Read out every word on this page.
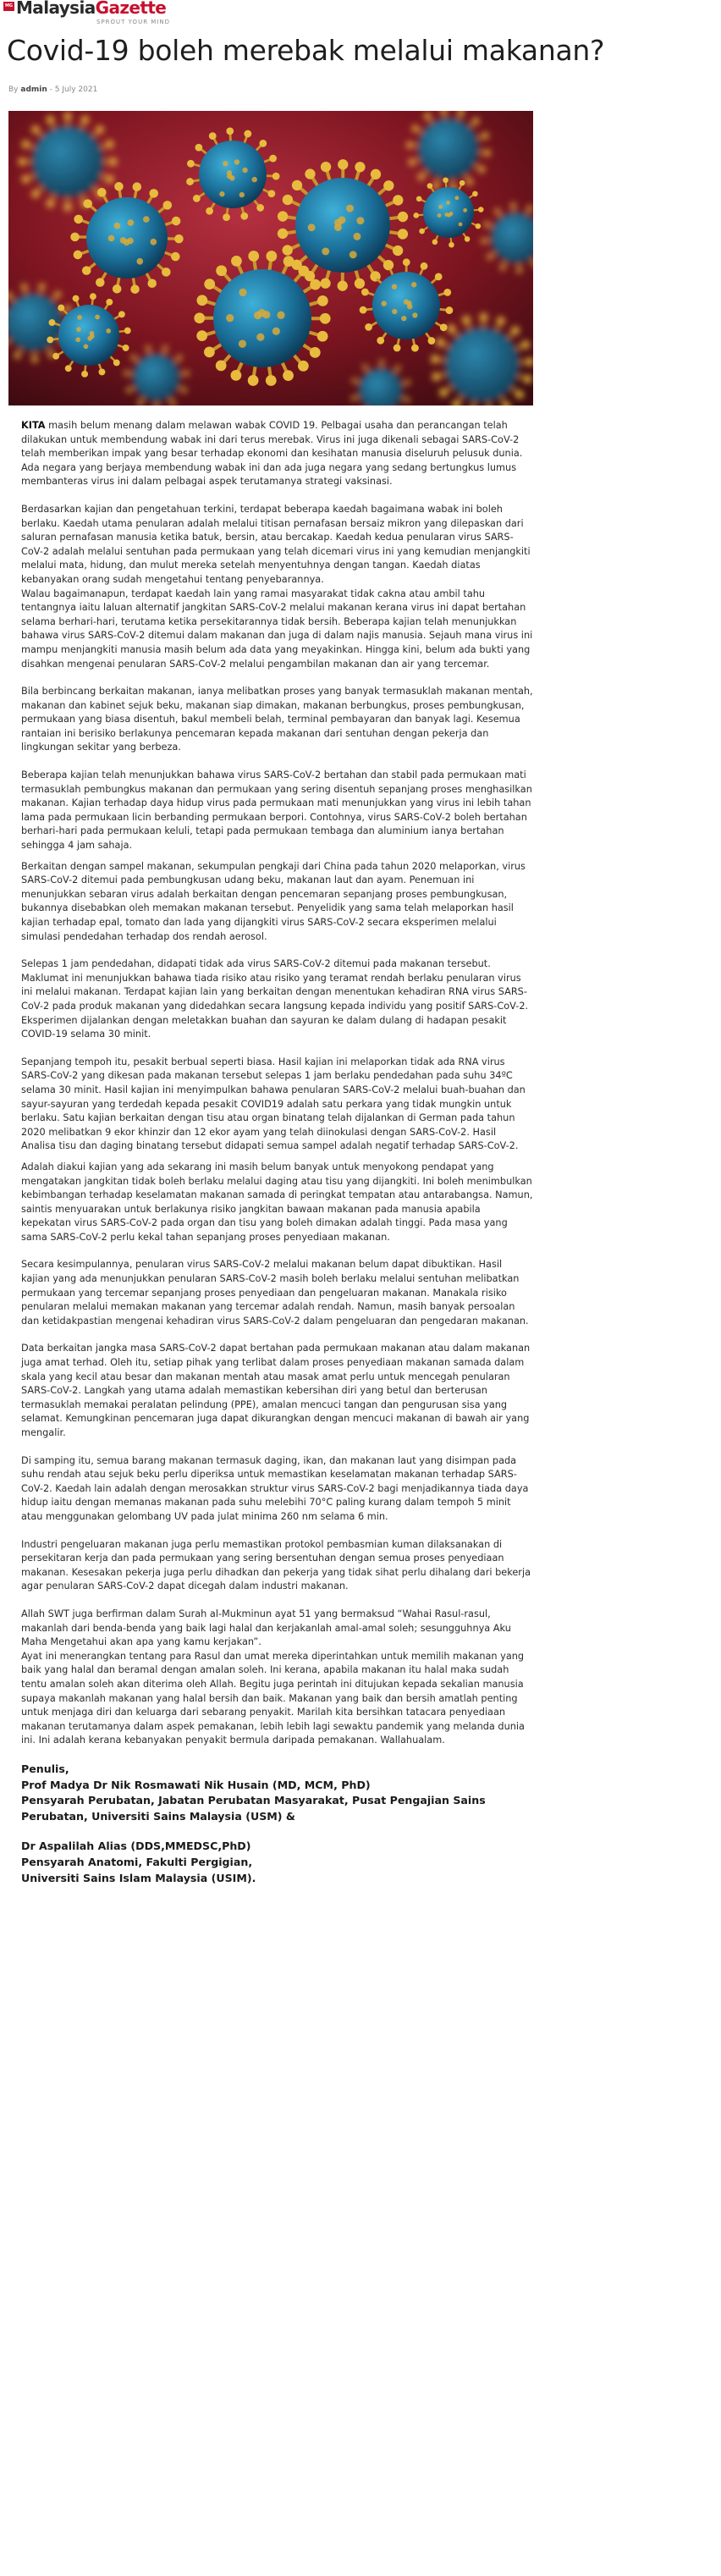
MG MalaysiaGazette
SPROUT YOUR MIND
Covid-19 boleh merebak melalui makanan?
By admin - 5 July 2021

KITA masih belum menang dalam melawan wabak COVID 19. Pelbagai usaha dan perancangan telah dilakukan untuk membendung wabak ini dari terus merebak. Virus ini juga dikenali sebagai SARS-CoV-2 telah memberikan impak yang besar terhadap ekonomi dan kesihatan manusia diseluruh pelusuk dunia. Ada negara yang berjaya membendung wabak ini dan ada juga negara yang sedang bertungkus lumus membanteras virus ini dalam pelbagai aspek terutamanya strategi vaksinasi.

Berdasarkan kajian dan pengetahuan terkini, terdapat beberapa kaedah bagaimana wabak ini boleh berlaku. Kaedah utama penularan adalah melalui titisan pernafasan bersaiz mikron yang dilepaskan dari saluran pernafasan manusia ketika batuk, bersin, atau bercakap. Kaedah kedua penularan virus SARS-CoV-2 adalah melalui sentuhan pada permukaan yang telah dicemari virus ini yang kemudian menjangkiti melalui mata, hidung, dan mulut mereka setelah menyentuhnya dengan tangan. Kaedah diatas kebanyakan orang sudah mengetahui tentang penyebarannya.

Walau bagaimanapun, terdapat kaedah lain yang ramai masyarakat tidak cakna atau ambil tahu tentangnya iaitu laluan alternatif jangkitan SARS-CoV-2 melalui makanan kerana virus ini dapat bertahan selama berhari-hari, terutama ketika persekitarannya tidak bersih. Beberapa kajian telah menunjukkan bahawa virus SARS-CoV-2 ditemui dalam makanan dan juga di dalam najis manusia. Sejauh mana virus ini mampu menjangkiti manusia masih belum ada data yang meyakinkan. Hingga kini, belum ada bukti yang disahkan mengenai penularan SARS-CoV-2 melalui pengambilan makanan dan air yang tercemar.

Bila berbincang berkaitan makanan, ianya melibatkan proses yang banyak termasuklah makanan mentah, makanan dan kabinet sejuk beku, makanan siap dimakan, makanan berbungkus, proses pembungkusan, permukaan yang biasa disentuh, bakul membeli belah, terminal pembayaran dan banyak lagi. Kesemua rantaian ini berisiko berlakunya pencemaran kepada makanan dari sentuhan dengan pekerja dan lingkungan sekitar yang berbeza.

Beberapa kajian telah menunjukkan bahawa virus SARS-CoV-2 bertahan dan stabil pada permukaan mati termasuklah pembungkus makanan dan permukaan yang sering disentuh sepanjang proses menghasilkan makanan. Kajian terhadap daya hidup virus pada permukaan mati menunjukkan yang virus ini lebih tahan lama pada permukaan licin berbanding permukaan berpori. Contohnya, virus SARS-CoV-2 boleh bertahan berhari-hari pada permukaan keluli, tetapi pada permukaan tembaga dan aluminium ianya bertahan sehingga 4 jam sahaja.

Berkaitan dengan sampel makanan, sekumpulan pengkaji dari China pada tahun 2020 melaporkan, virus SARS-CoV-2 ditemui pada pembungkusan udang beku, makanan laut dan ayam. Penemuan ini menunjukkan sebaran virus adalah berkaitan dengan pencemaran sepanjang proses pembungkusan, bukannya disebabkan oleh memakan makanan tersebut. Penyelidik yang sama telah melaporkan hasil kajian terhadap epal, tomato dan lada yang dijangkiti virus SARS-CoV-2 secara eksperimen melalui simulasi pendedahan terhadap dos rendah aerosol.

Selepas 1 jam pendedahan, didapati tidak ada virus SARS-CoV-2 ditemui pada makanan tersebut. Maklumat ini menunjukkan bahawa tiada risiko atau risiko yang teramat rendah berlaku penularan virus ini melalui makanan. Terdapat kajian lain yang berkaitan dengan menentukan kehadiran RNA virus SARS-CoV-2 pada produk makanan yang didedahkan secara langsung kepada individu yang positif SARS-CoV-2. Eksperimen dijalankan dengan meletakkan buahan dan sayuran ke dalam dulang di hadapan pesakit COVID-19 selama 30 minit.

Sepanjang tempoh itu, pesakit berbual seperti biasa. Hasil kajian ini melaporkan tidak ada RNA virus SARS-CoV-2 yang dikesan pada makanan tersebut selepas 1 jam berlaku pendedahan pada suhu 34ºC selama 30 minit. Hasil kajian ini menyimpulkan bahawa penularan SARS-CoV-2 melalui buah-buahan dan sayur-sayuran yang terdedah kepada pesakit COVID19 adalah satu perkara yang tidak mungkin untuk berlaku. Satu kajian berkaitan dengan tisu atau organ binatang telah dijalankan di German pada tahun 2020 melibatkan 9 ekor khinzir dan 12 ekor ayam yang telah diinokulasi dengan SARS-CoV-2. Hasil Analisa tisu dan daging binatang tersebut didapati semua sampel adalah negatif terhadap SARS-CoV-2.

Adalah diakui kajian yang ada sekarang ini masih belum banyak untuk menyokong pendapat yang mengatakan jangkitan tidak boleh berlaku melalui daging atau tisu yang dijangkiti. Ini boleh menimbulkan kebimbangan terhadap keselamatan makanan samada di peringkat tempatan atau antarabangsa. Namun, saintis menyuarakan untuk berlakunya risiko jangkitan bawaan makanan pada manusia apabila kepekatan virus SARS-CoV-2 pada organ dan tisu yang boleh dimakan adalah tinggi. Pada masa yang sama SARS-CoV-2 perlu kekal tahan sepanjang proses penyediaan makanan.

Secara kesimpulannya, penularan virus SARS-CoV-2 melalui makanan belum dapat dibuktikan. Hasil kajian yang ada menunjukkan penularan SARS-CoV-2 masih boleh berlaku melalui sentuhan melibatkan permukaan yang tercemar sepanjang proses penyediaan dan pengeluaran makanan. Manakala risiko penularan melalui memakan makanan yang tercemar adalah rendah. Namun, masih banyak persoalan dan ketidakpastian mengenai kehadiran virus SARS-CoV-2 dalam pengeluaran dan pengedaran makanan.

Data berkaitan jangka masa SARS-CoV-2 dapat bertahan pada permukaan makanan atau dalam makanan juga amat terhad. Oleh itu, setiap pihak yang terlibat dalam proses penyediaan makanan samada dalam skala yang kecil atau besar dan makanan mentah atau masak amat perlu untuk mencegah penularan SARS-CoV-2. Langkah yang utama adalah memastikan kebersihan diri yang betul dan berterusan termasuklah memakai peralatan pelindung (PPE), amalan mencuci tangan dan pengurusan sisa yang selamat. Kemungkinan pencemaran juga dapat dikurangkan dengan mencuci makanan di bawah air yang mengalir.

Di samping itu, semua barang makanan termasuk daging, ikan, dan makanan laut yang disimpan pada suhu rendah atau sejuk beku perlu diperiksa untuk memastikan keselamatan makanan terhadap SARS-CoV-2. Kaedah lain adalah dengan merosakkan struktur virus SARS-CoV-2 bagi menjadikannya tiada daya hidup iaitu dengan memanas makanan pada suhu melebihi 70°C paling kurang dalam tempoh 5 minit atau menggunakan gelombang UV pada julat minima 260 nm selama 6 min.

Industri pengeluaran makanan juga perlu memastikan protokol pembasmian kuman dilaksanakan di persekitaran kerja dan pada permukaan yang sering bersentuhan dengan semua proses penyediaan makanan. Kesesakan pekerja juga perlu dihadkan dan pekerja yang tidak sihat perlu dihalang dari bekerja agar penularan SARS-CoV-2 dapat dicegah dalam industri makanan.

Allah SWT juga berfirman dalam Surah al-Mukminun ayat 51 yang bermaksud “Wahai Rasul-rasul, makanlah dari benda-benda yang baik lagi halal dan kerjakanlah amal-amal soleh; sesungguhnya Aku Maha Mengetahui akan apa yang kamu kerjakan”.

Ayat ini menerangkan tentang para Rasul dan umat mereka diperintahkan untuk memilih makanan yang baik yang halal dan beramal dengan amalan soleh. Ini kerana, apabila makanan itu halal maka sudah tentu amalan soleh akan diterima oleh Allah. Begitu juga perintah ini ditujukan kepada sekalian manusia supaya makanlah makanan yang halal bersih dan baik. Makanan yang baik dan bersih amatlah penting untuk menjaga diri dan keluarga dari sebarang penyakit. Marilah kita bersihkan tatacara penyediaan makanan terutamanya dalam aspek pemakanan, lebih lebih lagi sewaktu pandemik yang melanda dunia ini. Ini adalah kerana kebanyakan penyakit bermula daripada pemakanan. Wallahualam.

Penulis,

Prof Madya Dr Nik Rosmawati Nik Husain (MD, MCM, PhD)

Pensyarah Perubatan, Jabatan Perubatan Masyarakat, Pusat Pengajian Sains Perubatan, Universiti Sains Malaysia (USM) &

Dr Aspalilah Alias (DDS,MMEDSC,PhD)

Pensyarah Anatomi, Fakulti Pergigian,

Universiti Sains Islam Malaysia (USIM).
